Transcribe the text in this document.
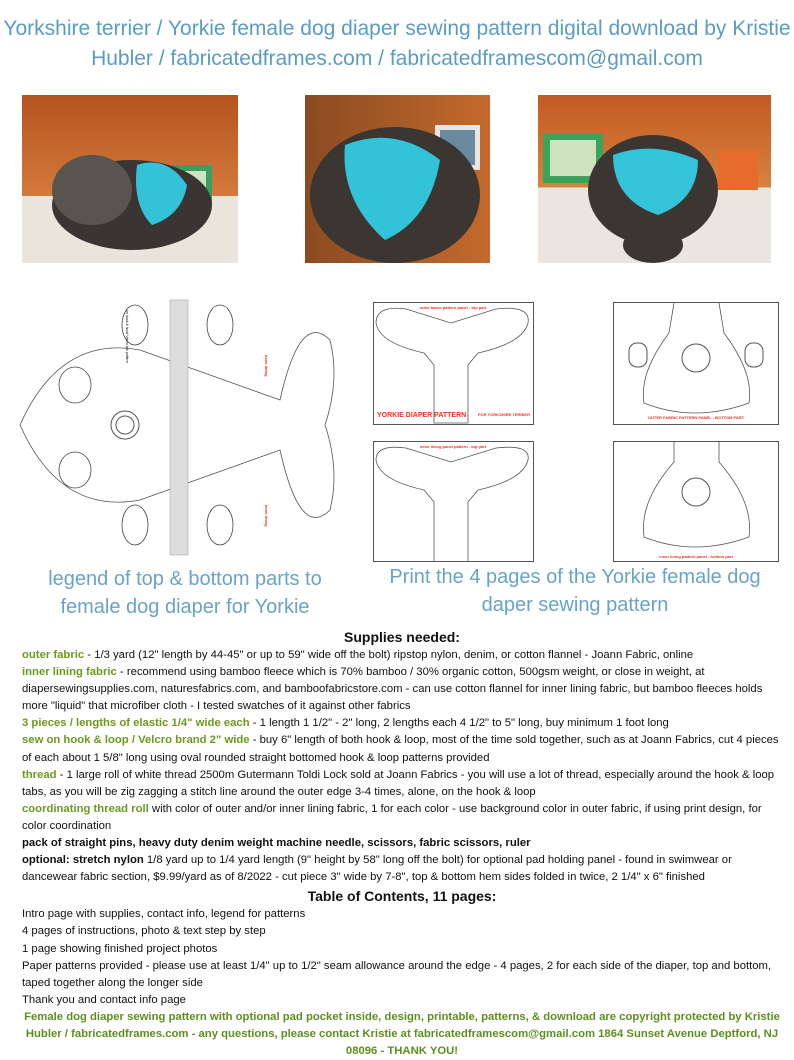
Yorkshire terrier / Yorkie female dog diaper sewing pattern digital download by Kristie Hubler / fabricatedframes.com / fabricatedframescom@gmail.com
inner lining
inner lining
on hook & hook Velcro tab pattern
outer fabric pattern panel - top part
YORKIE DIAPER PATTERN	FOR YORKSHIRE TERRIER
OUTER FABRIC PATTERN PANEL - BOTTOM PART
inner lining panel pattern - top part
inner lining pattern panel - bottom part
legend of top & bottom parts to female dog diaper for Yorkie
Print the 4 pages of the Yorkie female dog daper sewing pattern
Supplies needed:
outer fabric - 1/3 yard (12" length by 44-45" or up to 59" wide off the bolt) ripstop nylon, denim, or cotton flannel - Joann Fabric, online
inner lining fabric - recommend using bamboo fleece which is 70% bamboo / 30% organic cotton, 500gsm weight, or close in weight, at diapersewingsupplies.com, naturesfabrics.com, and bamboofabricstore.com - can use cotton flannel for inner lining fabric, but bamboo fleeces holds more "liquid" that microfiber cloth - I tested swatches of it against other fabrics
3 pieces / lengths of elastic 1/4" wide each - 1 length 1 1/2" - 2" long, 2 lengths each 4 1/2" to 5" long, buy minimum 1 foot long
sew on hook & loop / Velcro brand 2" wide - buy 6" length of both hook & loop, most of the time sold together, such as at Joann Fabrics, cut 4 pieces of each about 1 5/8" long using oval rounded straight bottomed hook & loop patterns provided
thread - 1 large roll of white thread 2500m Gutermann Toldi Lock sold at Joann Fabrics - you will use a lot of thread, especially around the hook & loop tabs, as you will be zig zagging a stitch line around the outer edge 3-4 times, alone, on the hook & loop
coordinating thread roll with color of outer and/or inner lining fabric, 1 for each color - use background color in outer fabric, if using print design, for color coordination
pack of straight pins, heavy duty denim weight machine needle, scissors, fabric scissors, ruler
optional: stretch nylon 1/8 yard up to 1/4 yard length (9" height by 58" long off the bolt) for optional pad holding panel - found in swimwear or dancewear fabric section, $9.99/yard as of 8/2022 - cut piece 3" wide by 7-8", top & bottom hem sides folded in twice, 2 1/4" x 6" finished
Table of Contents, 11 pages:
Intro page with supplies, contact info, legend for patterns
4 pages of instructions, photo & text step by step
1 page showing finished project photos
Paper patterns provided - please use at least 1/4" up to 1/2" seam allowance around the edge - 4 pages, 2 for each side of the diaper, top and bottom, taped together along the longer side
Thank you and contact info page
Female dog diaper sewing pattern with optional pad pocket inside, design, printable, patterns, & download are copyright protected by Kristie Hubler / fabricatedframes.com - any questions, please contact Kristie at fabricatedframescom@gmail.com 1864 Sunset Avenue Deptford, NJ 08096 - THANK YOU!
